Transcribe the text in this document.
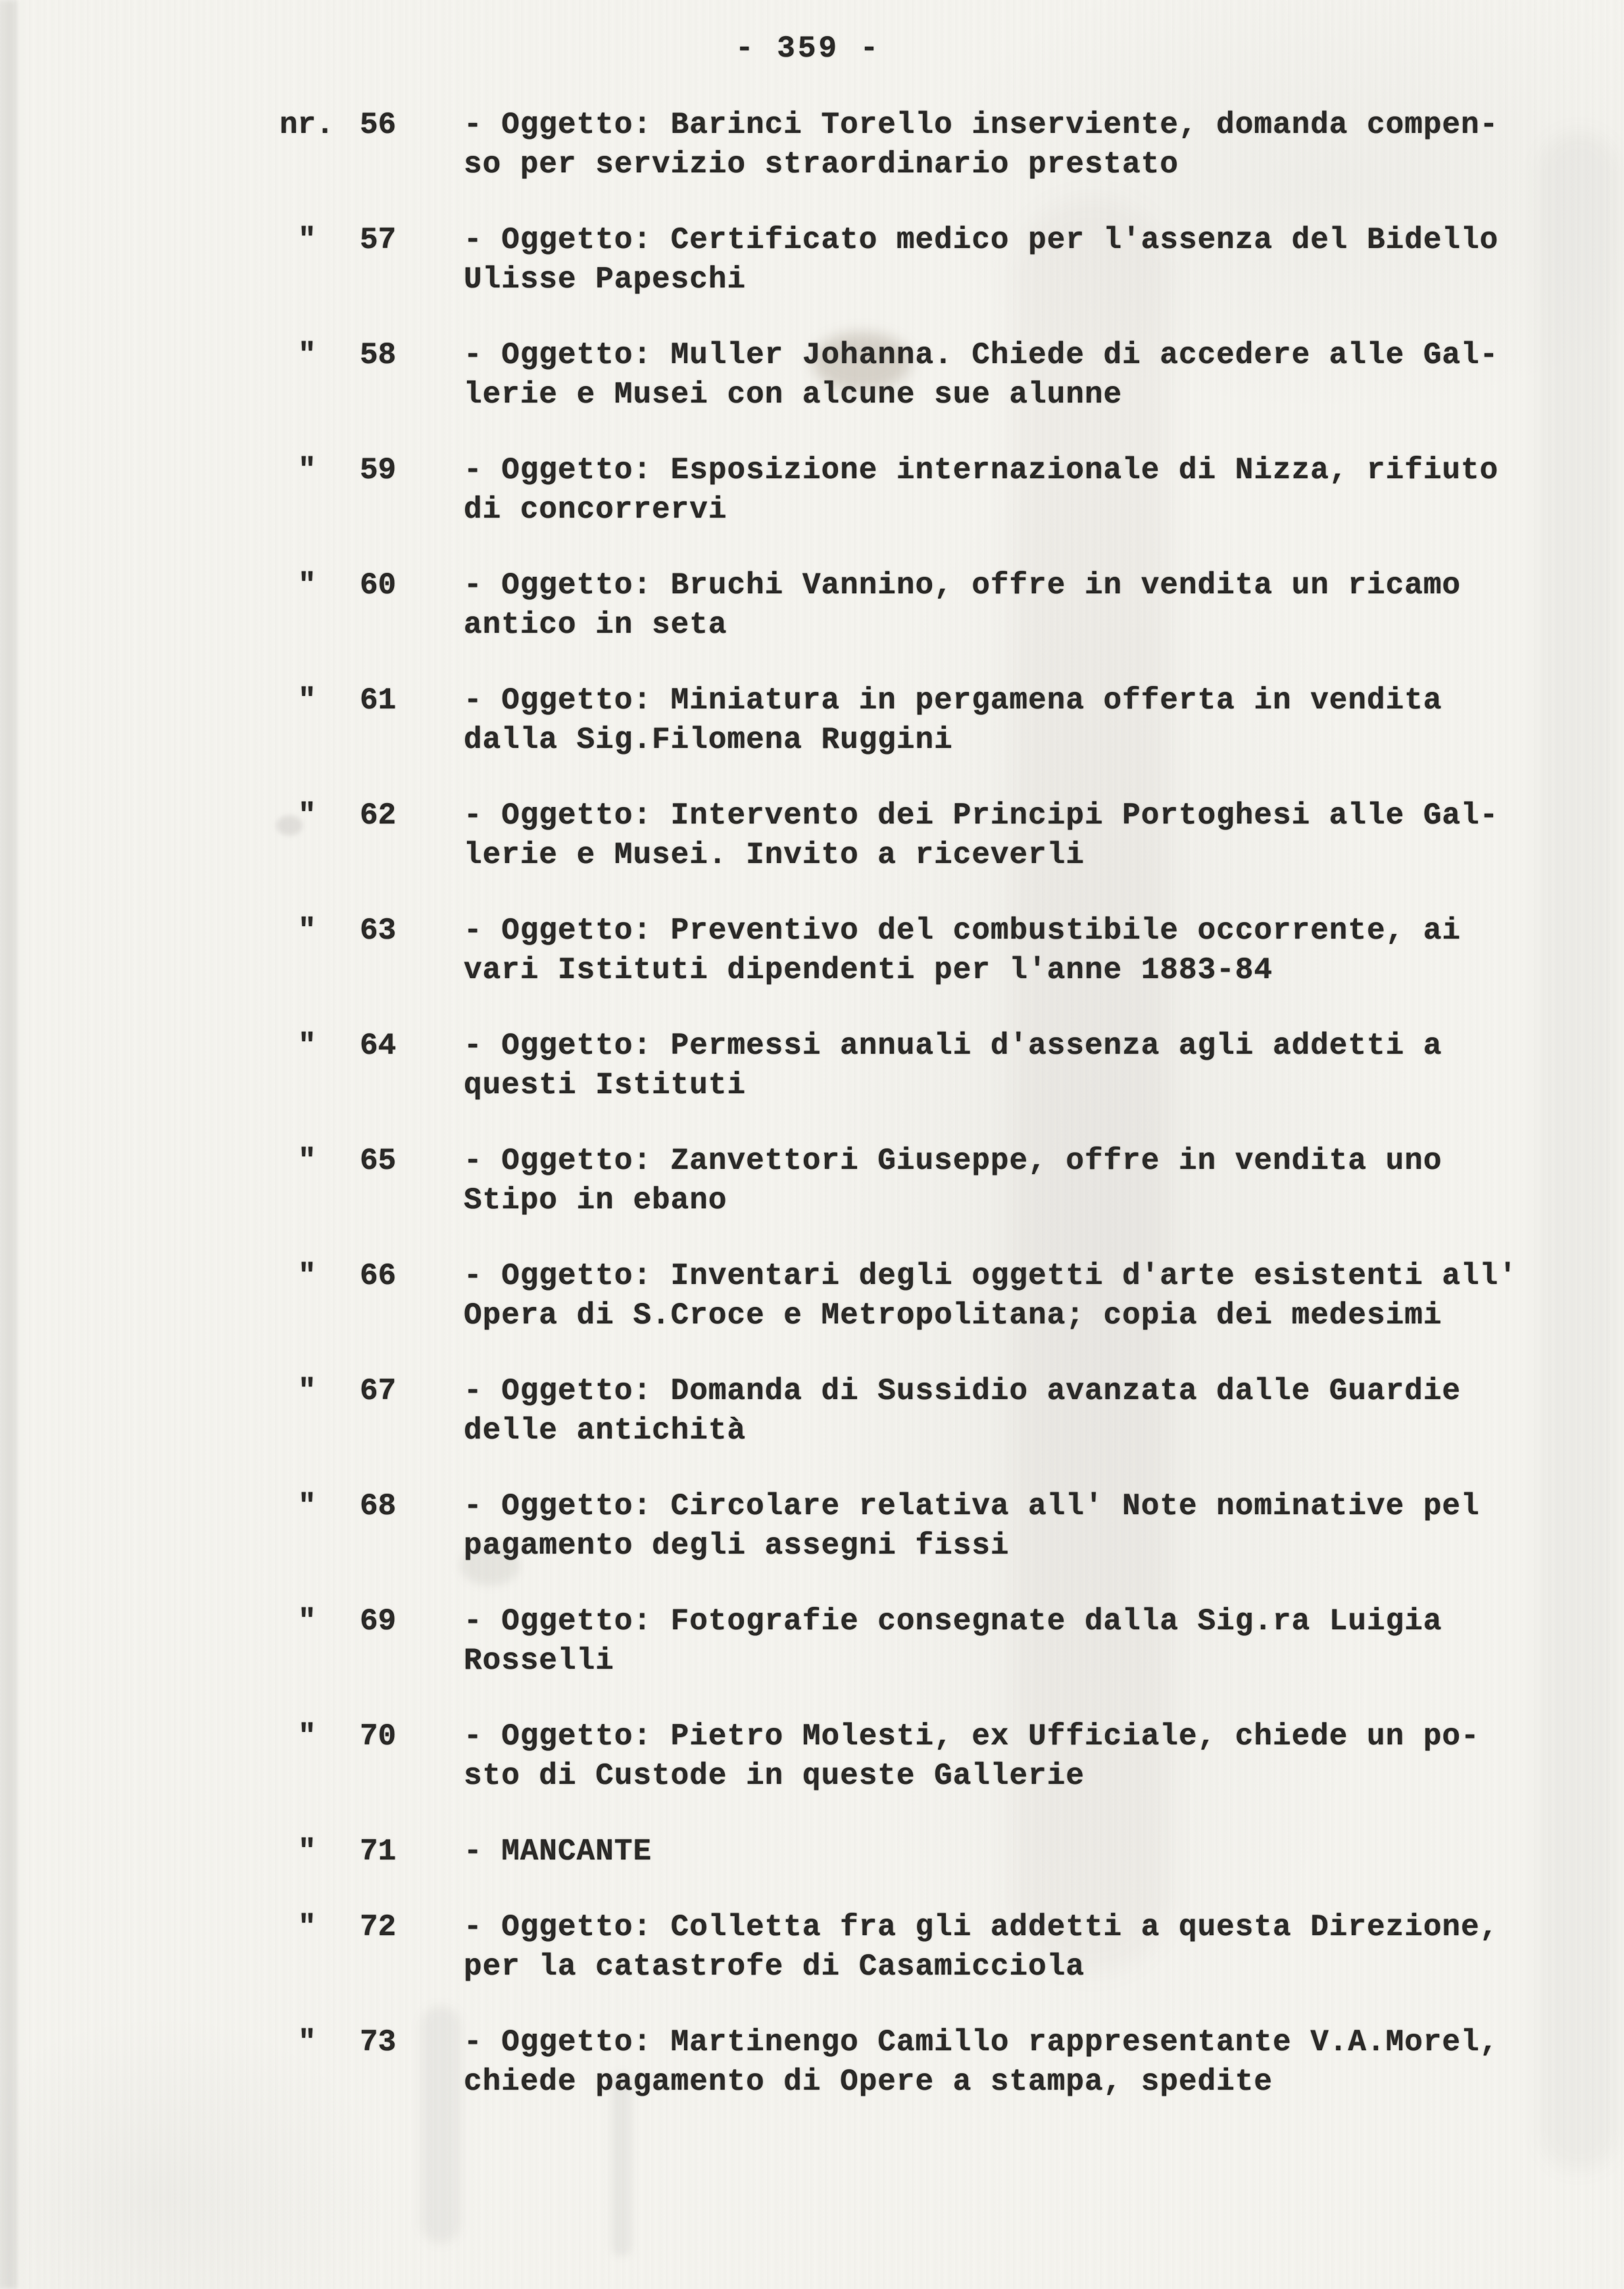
- 359 -
nr. 56	- Oggetto: Barinci Torello inserviente, domanda compen-
so per servizio straordinario prestato
"	57	- Oggetto: Certificato medico per l'assenza del Bidello
Ulisse Papeschi
"	58	- Oggetto: Muller Johanna. Chiede di accedere alle Gal-
lerie e Musei con alcune sue alunne
"	59	- Oggetto: Esposizione internazionale di Nizza, rifiuto
di concorrervi
"	60	- Oggetto: Bruchi Vannino, offre in vendita un ricamo
antico in seta
"	61	- Oggetto: Miniatura in pergamena offerta in vendita
dalla Sig.Filomena Ruggini
"	62	- Oggetto: Intervento dei Principi Portoghesi alle Gal-
lerie e Musei. Invito a riceverli
"	63	- Oggetto: Preventivo del combustibile occorrente, ai
vari Istituti dipendenti per l'anne 1883-84
"	64	- Oggetto: Permessi annuali d'assenza agli addetti a
questi Istituti
"	65	- Oggetto: Zanvettori Giuseppe, offre in vendita uno
Stipo in ebano
"	66	- Oggetto: Inventari degli oggetti d'arte esistenti all'
Opera di S.Croce e Metropolitana; copia dei medesimi
"	67	- Oggetto: Domanda di Sussidio avanzata dalle Guardie
delle antichità
"	68	- Oggetto: Circolare relativa all' Note nominative pel
pagamento degli assegni fissi
"	69	- Oggetto: Fotografie consegnate dalla Sig.ra Luigia
Rosselli
"	70	- Oggetto: Pietro Molesti, ex Ufficiale, chiede un po-
sto di Custode in queste Gallerie
"	71	- MANCANTE
"	72	- Oggetto: Colletta fra gli addetti a questa Direzione,
per la catastrofe di Casamicciola
"	73	- Oggetto: Martinengo Camillo rappresentante V.A.Morel,
chiede pagamento di Opere a stampa, spedite
